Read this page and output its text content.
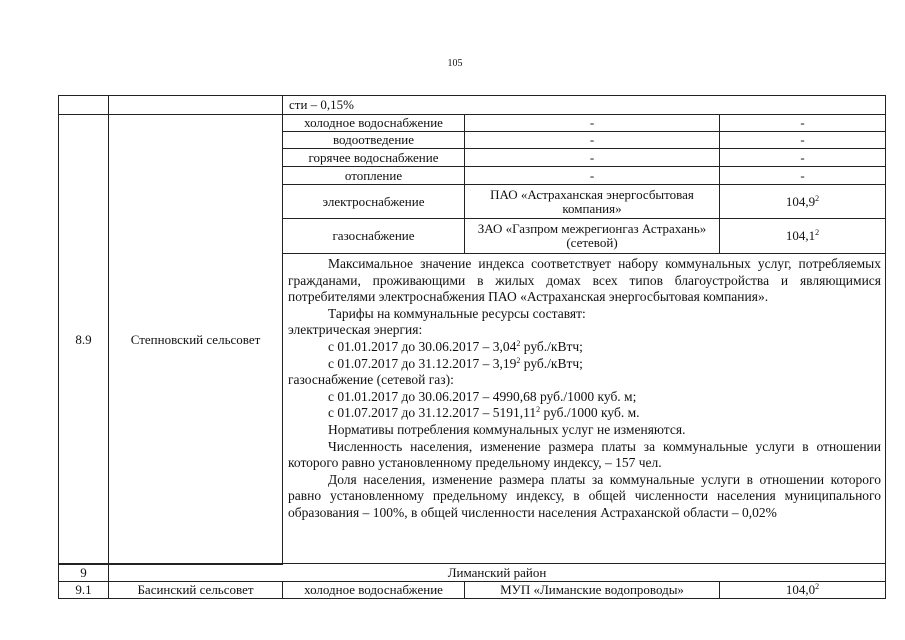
105
сти – 0,15%
8.9	Степновский сельсовет
холодное водоснабжение	-	-
водоотведение	-	-
горячее водоснабжение	-	-
отопление	-	-
электроснабжение	ПАО «Астраханская энергосбытовая компания»	104,9$^2$
газоснабжение	ЗАО «Газпром межрегионгаз Астрахань» (сетевой)	104,1$^2$

Максимальное значение индекса соответствует набору коммунальных услуг, потребляемых гражданами, проживающими в жилых домах всех типов благоустройства и являющимися потребителями электроснабжения ПАО «Астраханская энергосбытовая компания».

Тарифы на коммунальные ресурсы составят:

электрическая энергия:

с 01.01.2017 до 30.06.2017 – 3,04$^2$ руб./кВтч;

с 01.07.2017 до 31.12.2017 – 3,19$^2$ руб./кВтч;

газоснабжение (сетевой газ):

с 01.01.2017 до 30.06.2017 – 4990,68 руб./1000 куб. м;

с 01.07.2017 до 31.12.2017 – 5191,11$^2$ руб./1000 куб. м.

Нормативы потребления коммунальных услуг не изменяются.

Численность населения, изменение размера платы за коммунальные услуги в отношении которого равно установленному предельному индексу, – 157 чел.

Доля населения, изменение размера платы за коммунальные услуги в отношении которого равно установленному предельному индексу, в общей численности населения муниципального образования – 100%, в общей численности населения Астраханской области – 0,02%

9	Лиманский район
9.1	Басинский сельсовет	холодное водоснабжение	МУП «Лиманские водопроводы»	104,0$^2$
